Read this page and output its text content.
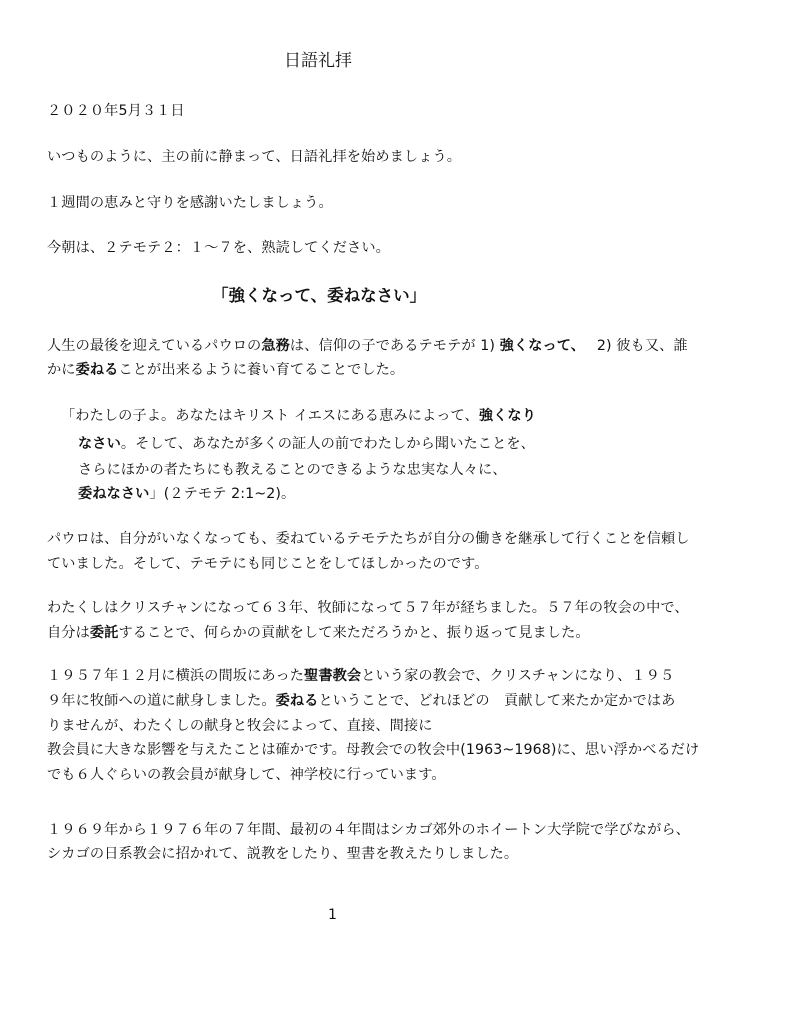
日語礼拝
２０２０年5月３１日
いつものように、主の前に静まって、日語礼拝を始めましょう。
１週間の恵みと守りを感謝いたしましょう。
今朝は、２テモテ２：１～７を、熟読してください。
「強くなって、委ねなさい」
人生の最後を迎えているパウロの急務は、信仰の子であるテモテが 1) 強くなって、　 2) 彼も又、誰
かに委ねることが出来るように養い育てることでした。
「わたしの子よ。あなたはキリスト イエスにある恵みによって、強くなり
なさい。そして、あなたが多くの証人の前でわたしから聞いたことを、
さらにほかの者たちにも教えることのできるような忠実な人々に、
委ねなさい」(２テモテ 2:1~2)。
パウロは、自分がいなくなっても、委ねているテモテたちが自分の働きを継承して行くことを信頼し
ていました。そして、テモテにも同じことをしてほしかったのです。
わたくしはクリスチャンになって６３年、牧師になって５７年が経ちました。５７年の牧会の中で、
自分は委託することで、何らかの貢献をして来ただろうかと、振り返って見ました。
１９５７年１２月に横浜の間坂にあった聖書教会という家の教会で、クリスチャンになり、１９５
９年に牧師への道に献身しました。委ねるということで、どれほどの　貢献して来たか定かではあ
りませんが、わたくしの献身と牧会によって、直接、間接に
教会員に大きな影響を与えたことは確かです。母教会での牧会中(1963~1968)に、思い浮かべるだけ
でも６人ぐらいの教会員が献身して、神学校に行っています。
１９６９年から１９７６年の７年間、最初の４年間はシカゴ郊外のホイートン大学院で学びながら、
シカゴの日系教会に招かれて、説教をしたり、聖書を教えたりしました。
1
